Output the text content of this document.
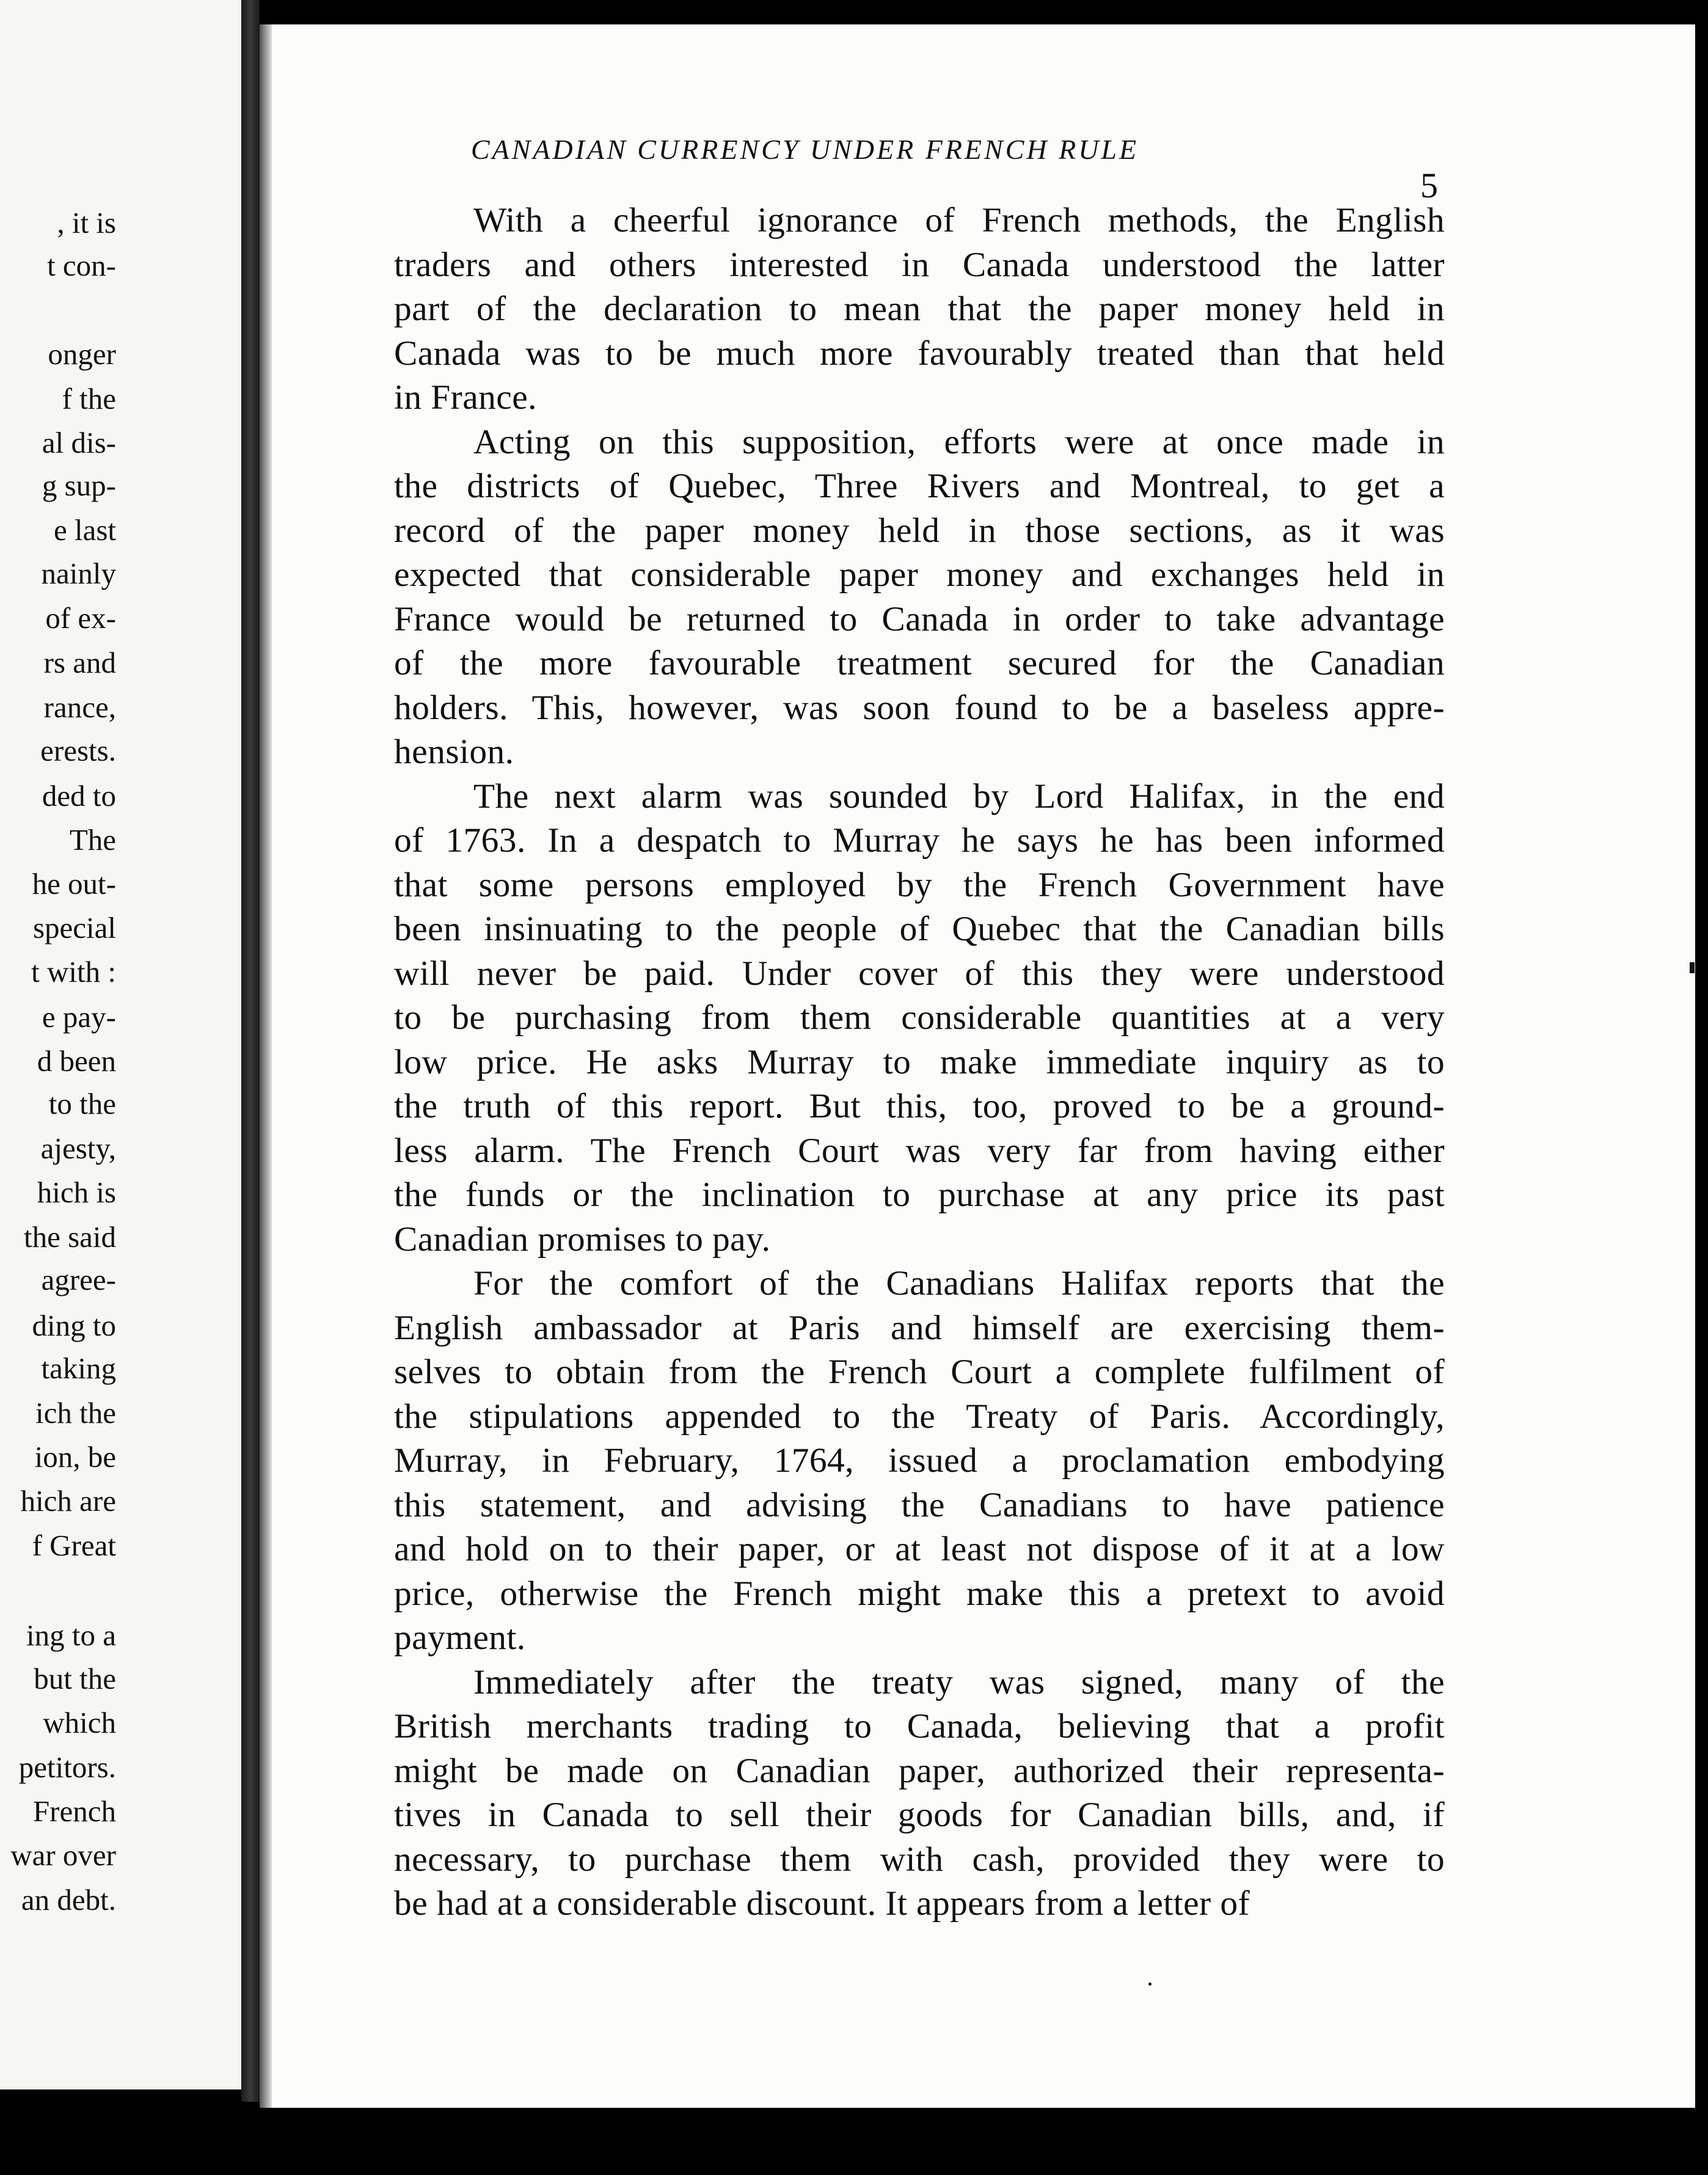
, it is
t con-
onger
f the
al dis-
g sup-
e last
nainly
of ex-
rs and
rance,
erests.
ded to
The
he out-
special
t with :
e pay-
d been
to the
ajesty,
hich is
the said
agree-
ding to
taking
ich the
ion, be
hich are
f Great
ing to a
but the
which
petitors.
French
war over
an debt.
CANADIAN CURRENCY UNDER FRENCH RULE
5
With a cheerful ignorance of French methods, the English
traders and others interested in Canada understood the latter
part of the declaration to mean that the paper money held in
Canada was to be much more favourably treated than that held
in France.
Acting on this supposition, efforts were at once made in
the districts of Quebec, Three Rivers and Montreal, to get a
record of the paper money held in those sections, as it was
expected that considerable paper money and exchanges held in
France would be returned to Canada in order to take advantage
of the more favourable treatment secured for the Canadian
holders. This, however, was soon found to be a baseless appre-
hension.
The next alarm was sounded by Lord Halifax, in the end
of 1763. In a despatch to Murray he says he has been informed
that some persons employed by the French Government have
been insinuating to the people of Quebec that the Canadian bills
will never be paid. Under cover of this they were understood
to be purchasing from them considerable quantities at a very
low price. He asks Murray to make immediate inquiry as to
the truth of this report. But this, too, proved to be a ground-
less alarm. The French Court was very far from having either
the funds or the inclination to purchase at any price its past
Canadian promises to pay.
For the comfort of the Canadians Halifax reports that the
English ambassador at Paris and himself are exercising them-
selves to obtain from the French Court a complete fulfilment of
the stipulations appended to the Treaty of Paris. Accordingly,
Murray, in February, 1764, issued a proclamation embodying
this statement, and advising the Canadians to have patience
and hold on to their paper, or at least not dispose of it at a low
price, otherwise the French might make this a pretext to avoid
payment.
Immediately after the treaty was signed, many of the
British merchants trading to Canada, believing that a profit
might be made on Canadian paper, authorized their representa-
tives in Canada to sell their goods for Canadian bills, and, if
necessary, to purchase them with cash, provided they were to
be had at a considerable discount. It appears from a letter of
